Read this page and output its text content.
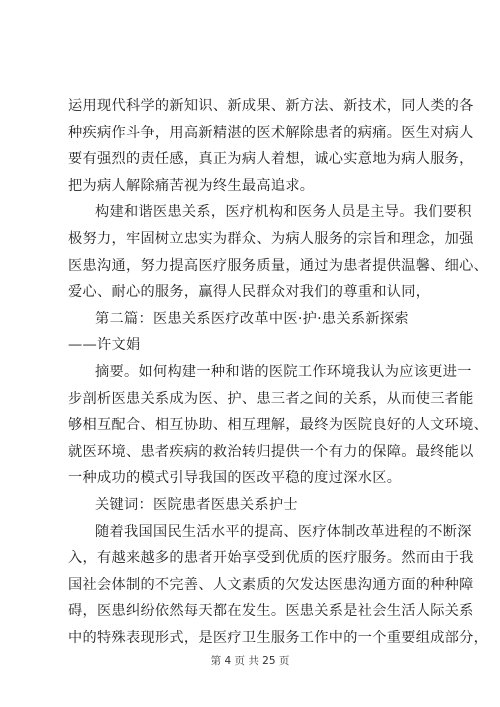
运用现代科学的新知识、新成果、新方法、新技术，同人类的各
种疾病作斗争，用高新精湛的医术解除患者的病痛。医生对病人
要有强烈的责任感，真正为病人着想，诚心实意地为病人服务，
把为病人解除痛苦视为终生最高追求。
构建和谐医患关系，医疗机构和医务人员是主导。我们要积
极努力，牢固树立忠实为群众、为病人服务的宗旨和理念，加强
医患沟通，努力提高医疗服务质量，通过为患者提供温馨、细心、
爱心、耐心的服务，赢得人民群众对我们的尊重和认同，
第二篇：医患关系医疗改革中医·护·患关系新探索
——许文娟
摘要。如何构建一种和谐的医院工作环境我认为应该更进一
步剖析医患关系成为医、护、患三者之间的关系，从而使三者能
够相互配合、相互协助、相互理解，最终为医院良好的人文环境、
就医环境、患者疾病的救治转归提供一个有力的保障。最终能以
一种成功的模式引导我国的医改平稳的度过深水区。
关键词：医院患者医患关系护士
随着我国国民生活水平的提高、医疗体制改革进程的不断深
入，有越来越多的患者开始享受到优质的医疗服务。然而由于我
国社会体制的不完善、人文素质的欠发达医患沟通方面的种种障
碍，医患纠纷依然每天都在发生。医患关系是社会生活人际关系
中的特殊表现形式，是医疗卫生服务工作中的一个重要组成部分，
第 4 页 共 25 页
